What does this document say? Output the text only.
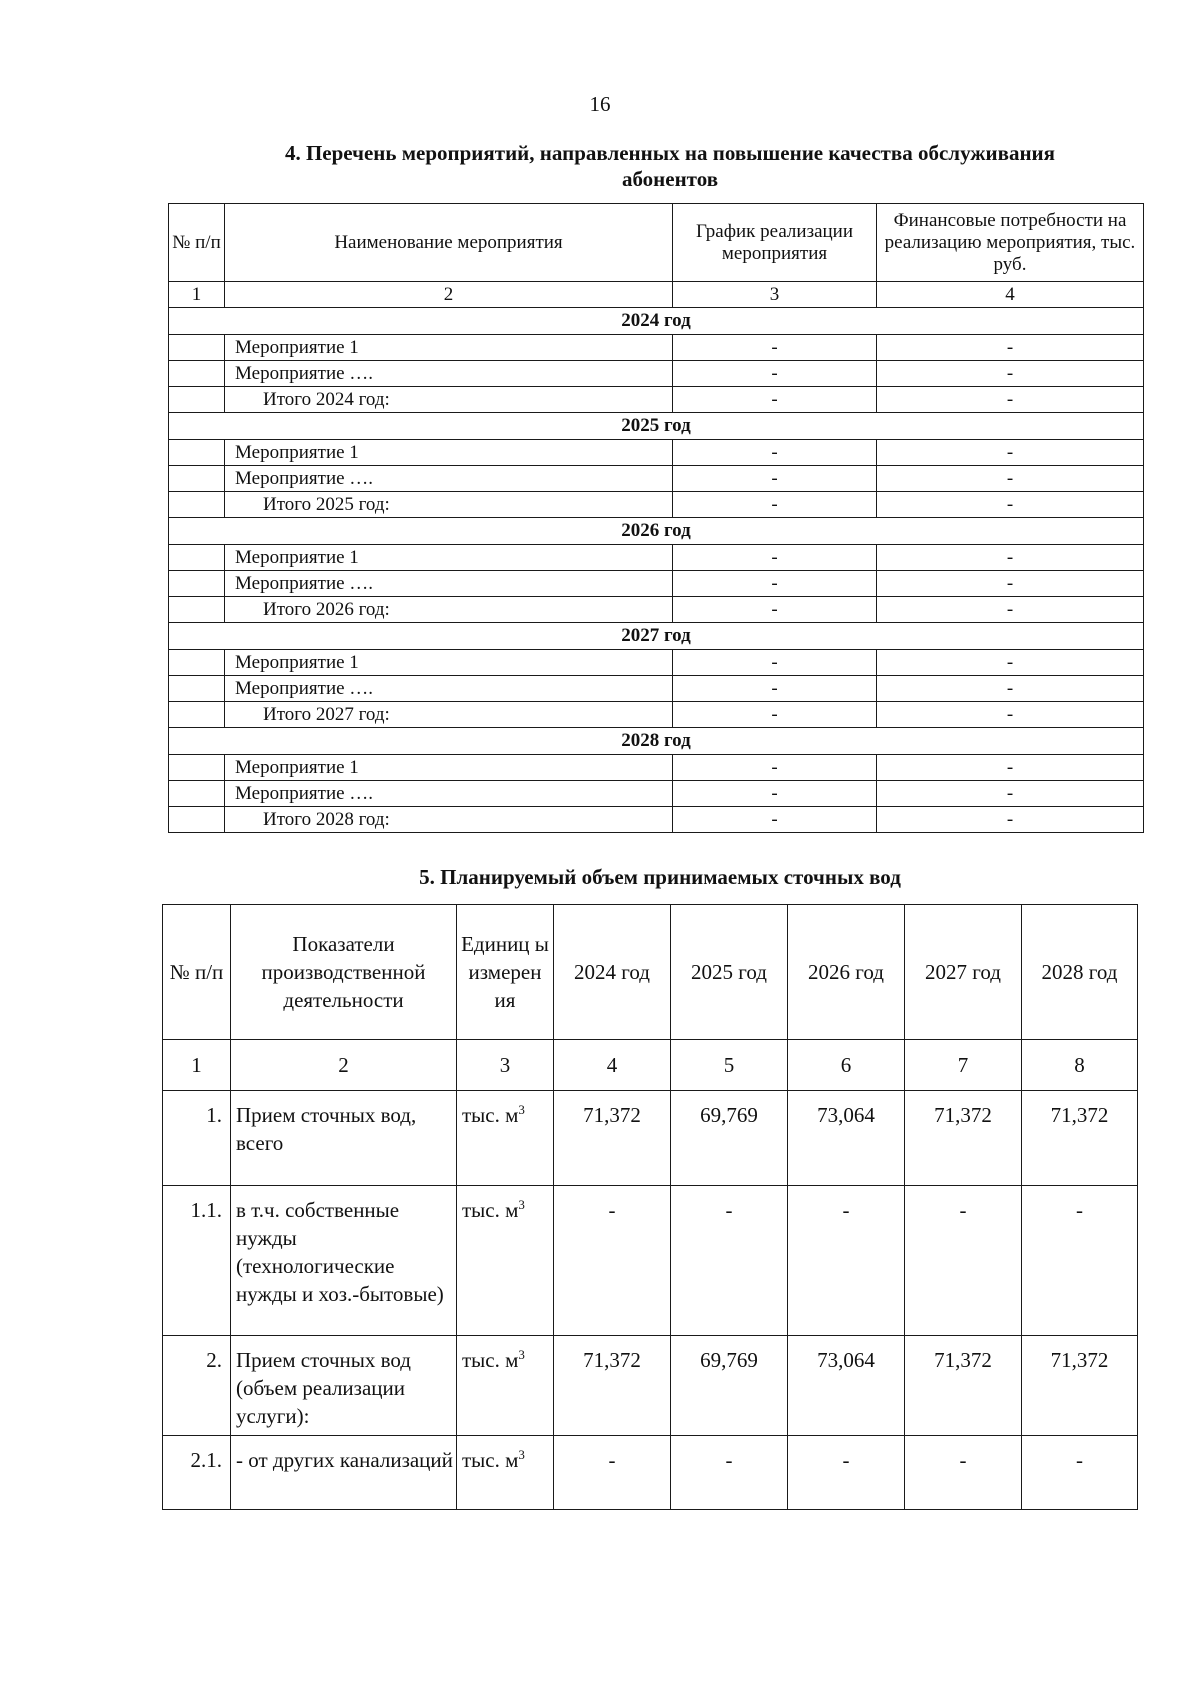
16
4. Перечень мероприятий, направленных на повышение качества обслуживания
абонентов
№ п/п	Наименование мероприятия	График реализации мероприятия	Финансовые потребности на реализацию мероприятия, тыс. руб.
1	2	3	4
2024 год			
	Мероприятие 1	-	-
	Мероприятие ….	-	-
	Итого 2024 год:	-	-
2025 год			
	Мероприятие 1	-	-
	Мероприятие ….	-	-
	Итого 2025 год:	-	-
2026 год			
	Мероприятие 1	-	-
	Мероприятие ….	-	-
	Итого 2026 год:	-	-
2027 год			
	Мероприятие 1	-	-
	Мероприятие ….	-	-
	Итого 2027 год:	-	-
2028 год			
	Мероприятие 1	-	-
	Мероприятие ….	-	-
	Итого 2028 год:	-	-
5. Планируемый объем принимаемых сточных вод
№ п/п	Показатели производственной деятельности	Единиц ы измерен ия	2024 год	2025 год	2026 год	2027 год	2028 год
1	2	3	4	5	6	7	8
1.	Прием сточных вод, всего	тыс. $м^3$	71,372	69,769	73,064	71,372	71,372
1.1.	в т.ч. собственные нужды (технологические нужды и хоз.-бытовые)	тыс. $м^3$	-	-	-	-	-
2.	Прием сточных вод (объем реализации услуги):	тыс. $м^3$	71,372	69,769	73,064	71,372	71,372
2.1.	- от других канализаций	тыс. $м^3$	-	-	-	-	-
